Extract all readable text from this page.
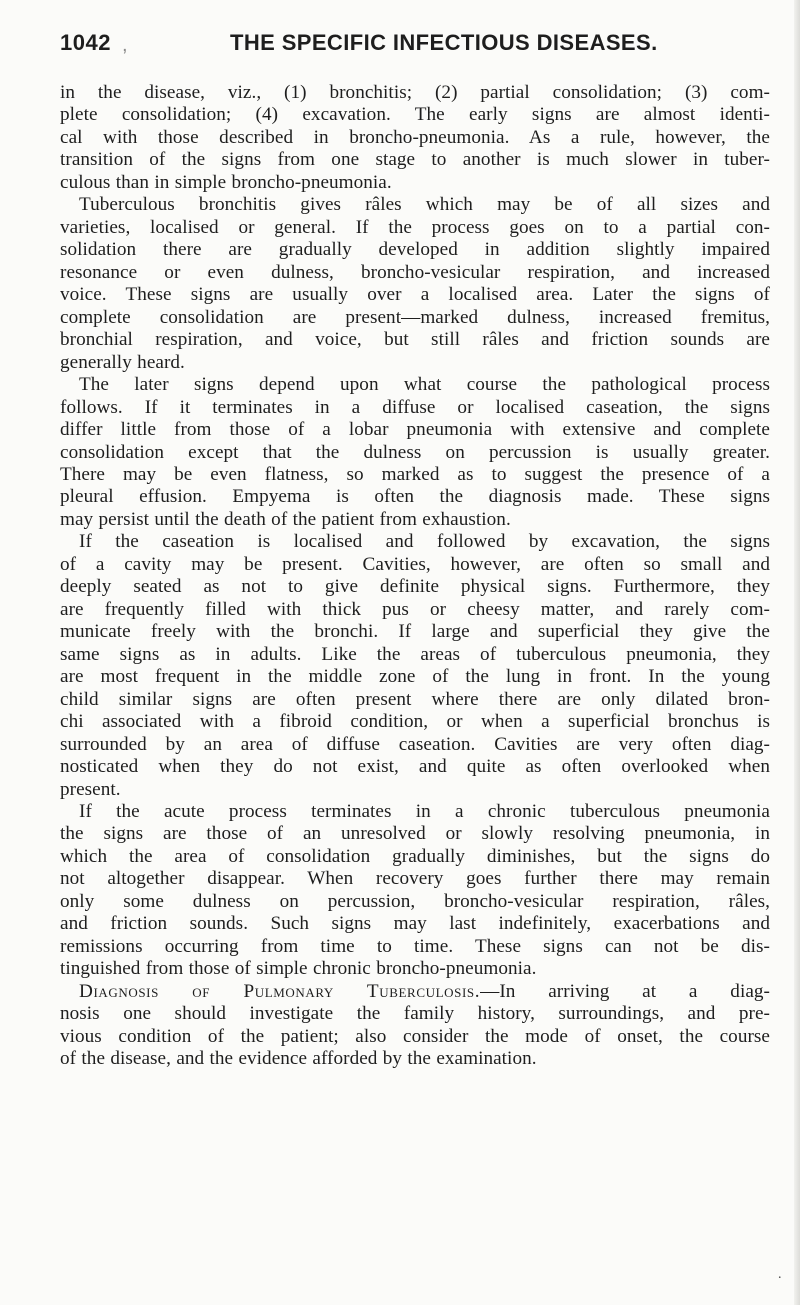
1042 ,	THE SPECIFIC INFECTIOUS DISEASES.
in the disease, viz., (1) bronchitis; (2) partial consolidation; (3) com-
plete consolidation; (4) excavation. The early signs are almost identi-
cal with those described in broncho-pneumonia. As a rule, however, the
transition of the signs from one stage to another is much slower in tuber-
culous than in simple broncho-pneumonia.
Tuberculous bronchitis gives râles which may be of all sizes and
varieties, localised or general. If the process goes on to a partial con-
solidation there are gradually developed in addition slightly impaired
resonance or even dulness, broncho-vesicular respiration, and increased
voice. These signs are usually over a localised area. Later the signs of
complete consolidation are present—marked dulness, increased fremitus,
bronchial respiration, and voice, but still râles and friction sounds are
generally heard.
The later signs depend upon what course the pathological process
follows. If it terminates in a diffuse or localised caseation, the signs
differ little from those of a lobar pneumonia with extensive and complete
consolidation except that the dulness on percussion is usually greater.
There may be even flatness, so marked as to suggest the presence of a
pleural effusion. Empyema is often the diagnosis made. These signs
may persist until the death of the patient from exhaustion.
If the caseation is localised and followed by excavation, the signs
of a cavity may be present. Cavities, however, are often so small and
deeply seated as not to give definite physical signs. Furthermore, they
are frequently filled with thick pus or cheesy matter, and rarely com-
municate freely with the bronchi. If large and superficial they give the
same signs as in adults. Like the areas of tuberculous pneumonia, they
are most frequent in the middle zone of the lung in front. In the young
child similar signs are often present where there are only dilated bron-
chi associated with a fibroid condition, or when a superficial bronchus is
surrounded by an area of diffuse caseation. Cavities are very often diag-
nosticated when they do not exist, and quite as often overlooked when
present.
If the acute process terminates in a chronic tuberculous pneumonia
the signs are those of an unresolved or slowly resolving pneumonia, in
which the area of consolidation gradually diminishes, but the signs do
not altogether disappear. When recovery goes further there may remain
only some dulness on percussion, broncho-vesicular respiration, râles,
and friction sounds. Such signs may last indefinitely, exacerbations and
remissions occurring from time to time. These signs can not be dis-
tinguished from those of simple chronic broncho-pneumonia.
Diagnosis of Pulmonary Tuberculosis.—In arriving at a diag-
nosis one should investigate the family history, surroundings, and pre-
vious condition of the patient; also consider the mode of onset, the course
of the disease, and the evidence afforded by the examination.
.
